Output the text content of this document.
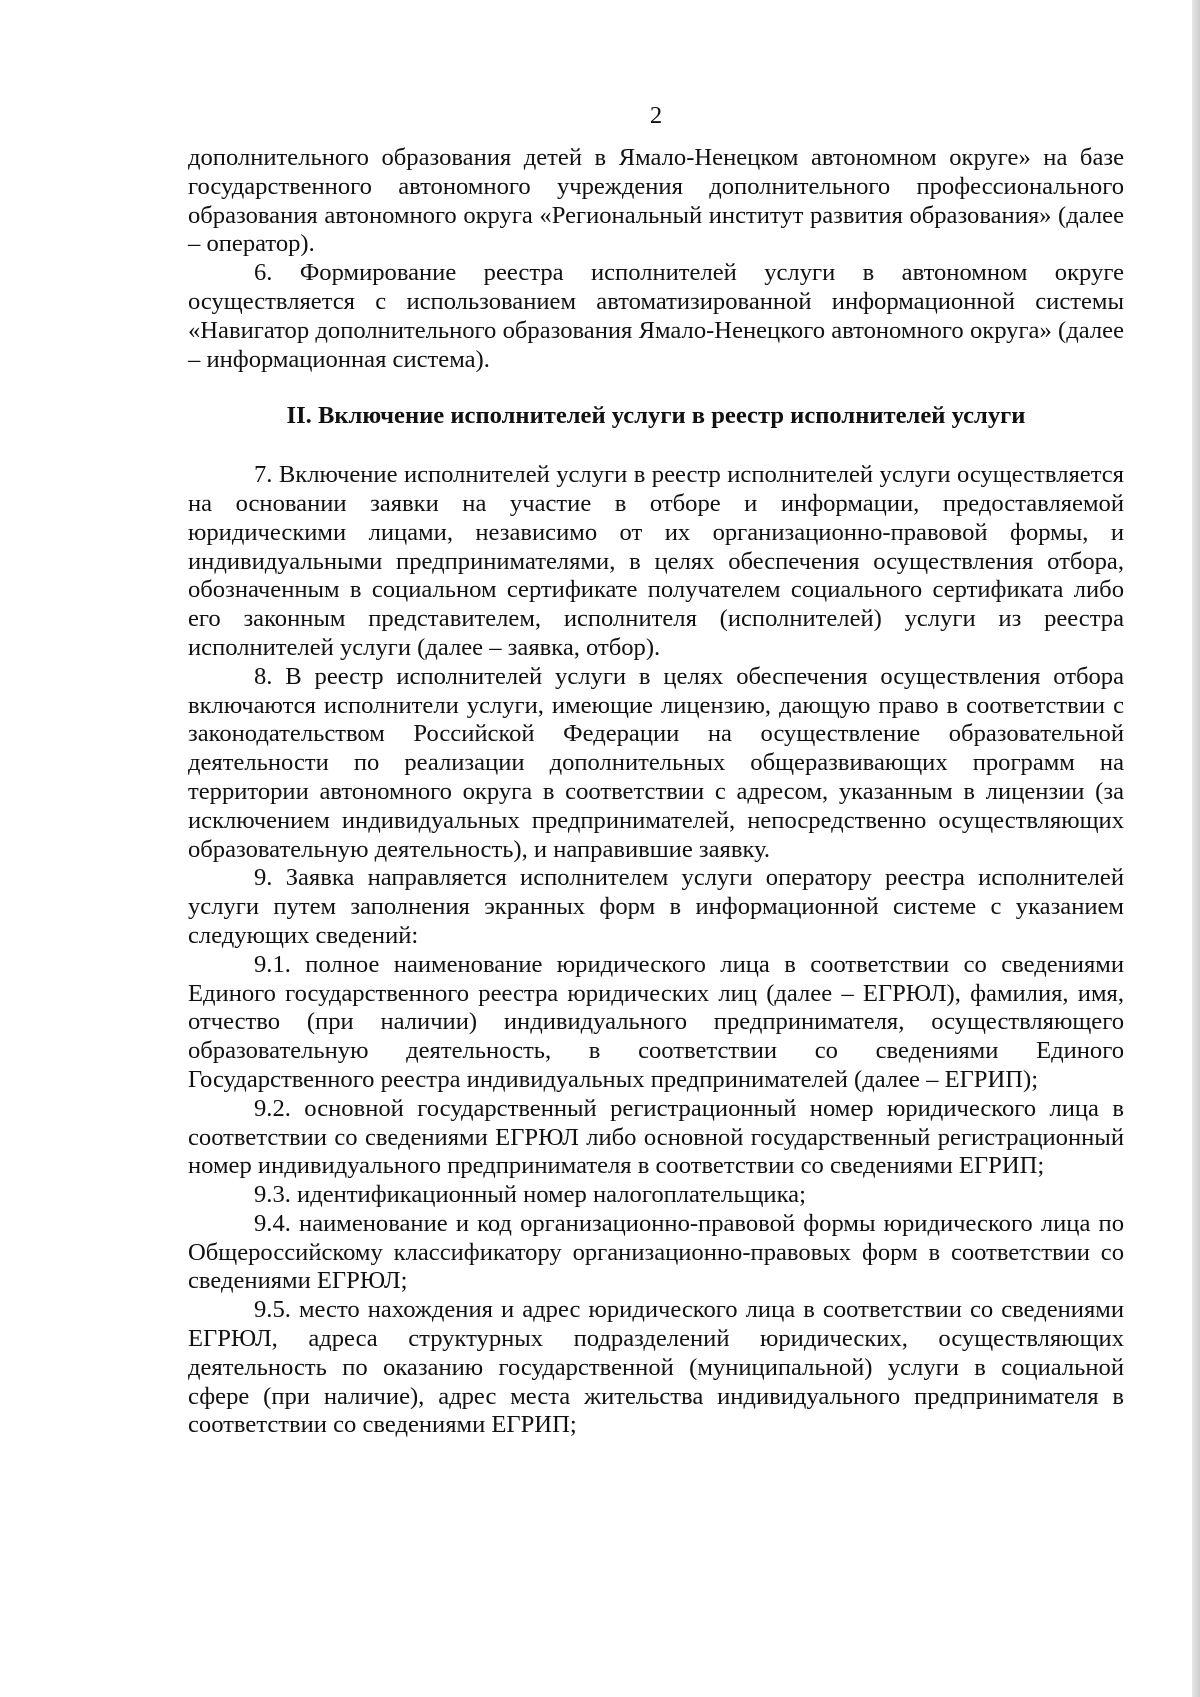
2

дополнительного образования детей в Ямало-Ненецком автономном округе» на базе государственного автономного учреждения дополнительного профессионального образования автономного округа «Региональный институт развития образования» (далее – оператор).

6. Формирование реестра исполнителей услуги в автономном округе осуществляется с использованием автоматизированной информационной системы «Навигатор дополнительного образования Ямало-Ненецкого автономного округа» (далее – информационная система).

II. Включение исполнителей услуги в реестр исполнителей услуги

7. Включение исполнителей услуги в реестр исполнителей услуги осуществляется на основании заявки на участие в отборе и информации, предоставляемой юридическими лицами, независимо от их организационно-правовой формы, и индивидуальными предпринимателями, в целях обеспечения осуществления отбора, обозначенным в социальном сертификате получателем социального сертификата либо его законным представителем, исполнителя (исполнителей) услуги из реестра исполнителей услуги (далее – заявка, отбор).

8. В реестр исполнителей услуги в целях обеспечения осуществления отбора включаются исполнители услуги, имеющие лицензию, дающую право в соответствии с законодательством Российской Федерации на осуществление образовательной деятельности по реализации дополнительных общеразвивающих программ на территории автономного округа в соответствии с адресом, указанным в лицензии (за исключением индивидуальных предпринимателей, непосредственно осуществляющих образовательную деятельность), и направившие заявку.

9. Заявка направляется исполнителем услуги оператору реестра исполнителей услуги путем заполнения экранных форм в информационной системе с указанием следующих сведений:

9.1. полное наименование юридического лица в соответствии со сведениями Единого государственного реестра юридических лиц (далее – ЕГРЮЛ), фамилия, имя, отчество (при наличии) индивидуального предпринимателя, осуществляющего образовательную деятельность, в соответствии со сведениями Единого Государственного реестра индивидуальных предпринимателей (далее – ЕГРИП);

9.2. основной государственный регистрационный номер юридического лица в соответствии со сведениями ЕГРЮЛ либо основной государственный регистрационный номер индивидуального предпринимателя в соответствии со сведениями ЕГРИП;

9.3. идентификационный номер налогоплательщика;

9.4. наименование и код организационно-правовой формы юридического лица по Общероссийскому классификатору организационно-правовых форм в соответствии со сведениями ЕГРЮЛ;

9.5. место нахождения и адрес юридического лица в соответствии со сведениями ЕГРЮЛ, адреса структурных подразделений юридических, осуществляющих деятельность по оказанию государственной (муниципальной) услуги в социальной сфере (при наличие), адрес места жительства индивидуального предпринимателя в соответствии со сведениями ЕГРИП;
